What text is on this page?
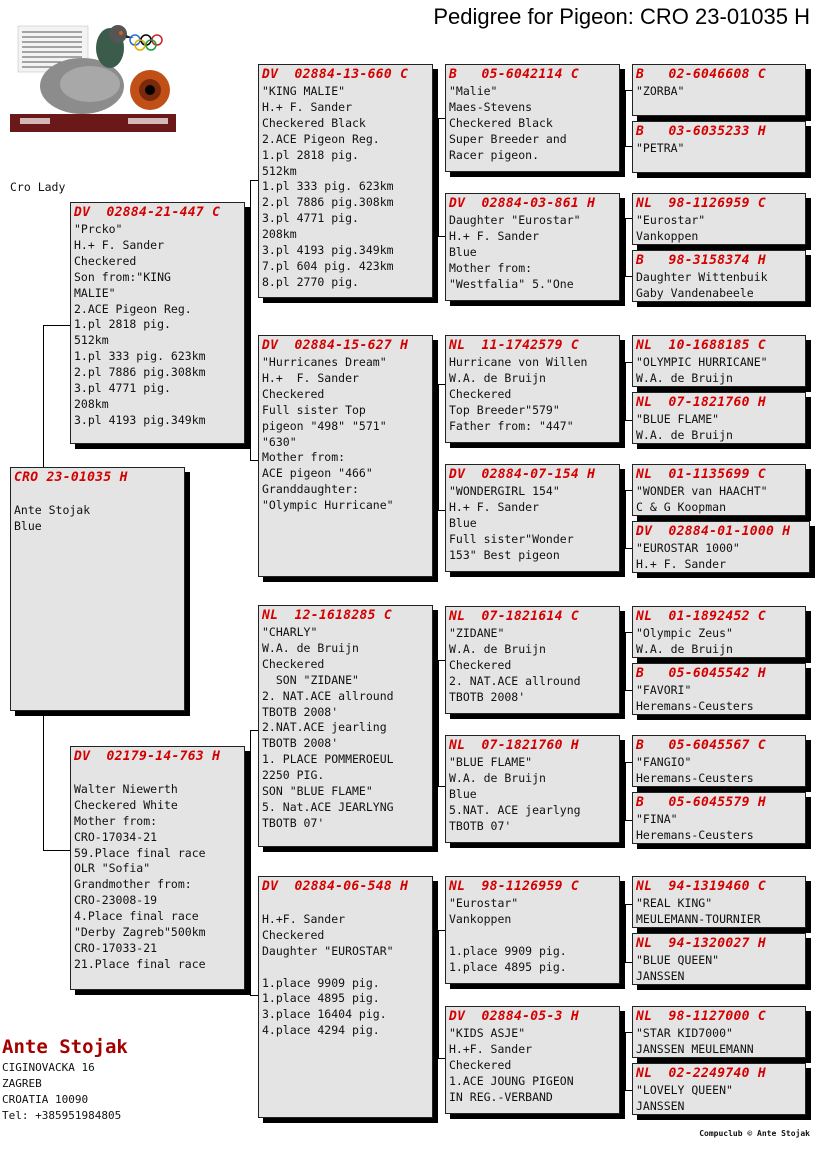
Pedigree for Pigeon: CRO 23-01035 H
Cro Lady
CRO 23-01035 H
Ante Stojak
Blue
DV  02884-21-447 C
"Prcko"
H.+ F. Sander
Checkered
Son from:"KING
MALIE"
2.ACE Pigeon Reg.
1.pl 2818 pig.
512km
1.pl 333 pig. 623km
2.pl 7886 pig.308km
3.pl 4771 pig.
208km
3.pl 4193 pig.349km
DV  02179-14-763 H
Walter Niewerth
Checkered White
Mother from:
CRO-17034-21
59.Place final race
OLR "Sofia"
Grandmother from:
CRO-23008-19
4.Place final race
"Derby Zagreb"500km
CRO-17033-21
21.Place final race
DV  02884-13-660 C
"KING MALIE"
H.+ F. Sander
Checkered Black
2.ACE Pigeon Reg.
1.pl 2818 pig.
512km
1.pl 333 pig. 623km
2.pl 7886 pig.308km
3.pl 4771 pig.
208km
3.pl 4193 pig.349km
7.pl 604 pig. 423km
8.pl 2770 pig.
DV  02884-15-627 H
"Hurricanes Dream"
H.+  F. Sander
Checkered
Full sister Top
pigeon "498" "571"
"630"
Mother from:
ACE pigeon "466"
Granddaughter:
"Olympic Hurricane"
NL  12-1618285 C
"CHARLY"
W.A. de Bruijn
Checkered
SON "ZIDANE"
2. NAT.ACE allround
TBOTB 2008'
2.NAT.ACE jearling
TBOTB 2008'
1. PLACE POMMEROEUL
2250 PIG.
SON "BLUE FLAME"
5. Nat.ACE JEARLYNG
TBOTB 07'
DV  02884-06-548 H
H.+F. Sander
Checkered
Daughter "EUROSTAR"
1.place 9909 pig.
1.place 4895 pig.
3.place 16404 pig.
4.place 4294 pig.
B   05-6042114 C
"Malie"
Maes-Stevens
Checkered Black
Super Breeder and
Racer pigeon.
DV  02884-03-861 H
Daughter "Eurostar"
H.+ F. Sander
Blue
Mother from:
"Westfalia" 5."One
NL  11-1742579 C
Hurricane von Willen
W.A. de Bruijn
Checkered
Top Breeder"579"
Father from: "447"
DV  02884-07-154 H
"WONDERGIRL 154"
H.+ F. Sander
Blue
Full sister"Wonder
153" Best pigeon
NL  07-1821614 C
"ZIDANE"
W.A. de Bruijn
Checkered
2. NAT.ACE allround
TBOTB 2008'
NL  07-1821760 H
"BLUE FLAME"
W.A. de Bruijn
Blue
5.NAT. ACE jearlyng
TBOTB 07'
NL  98-1126959 C
"Eurostar"
Vankoppen
1.place 9909 pig.
1.place 4895 pig.
DV  02884-05-3 H
"KIDS ASJE"
H.+F. Sander
Checkered
1.ACE JOUNG PIGEON
IN REG.-VERBAND
B   02-6046608 C
"ZORBA"
B   03-6035233 H
"PETRA"
NL  98-1126959 C
"Eurostar"
Vankoppen
B   98-3158374 H
Daughter Wittenbuik
Gaby Vandenabeele
NL  10-1688185 C
"OLYMPIC HURRICANE"
W.A. de Bruijn
NL  07-1821760 H
"BLUE FLAME"
W.A. de Bruijn
NL  01-1135699 C
"WONDER van HAACHT"
C & G Koopman
DV  02884-01-1000 H
"EUROSTAR 1000"
H.+ F. Sander
NL  01-1892452 C
"Olympic Zeus"
W.A. de Bruijn
B   05-6045542 H
"FAVORI"
Heremans-Ceusters
B   05-6045567 C
"FANGIO"
Heremans-Ceusters
B   05-6045579 H
"FINA"
Heremans-Ceusters
NL  94-1319460 C
"REAL KING"
MEULEMANN-TOURNIER
NL  94-1320027 H
"BLUE QUEEN"
JANSSEN
NL  98-1127000 C
"STAR KID7000"
JANSSEN MEULEMANN
NL  02-2249740 H
"LOVELY QUEEN"
JANSSEN
Ante Stojak
CIGINOVACKA 16
ZAGREB
CROATIA 10090
Tel: +385951984805
Compuclub © Ante Stojak
